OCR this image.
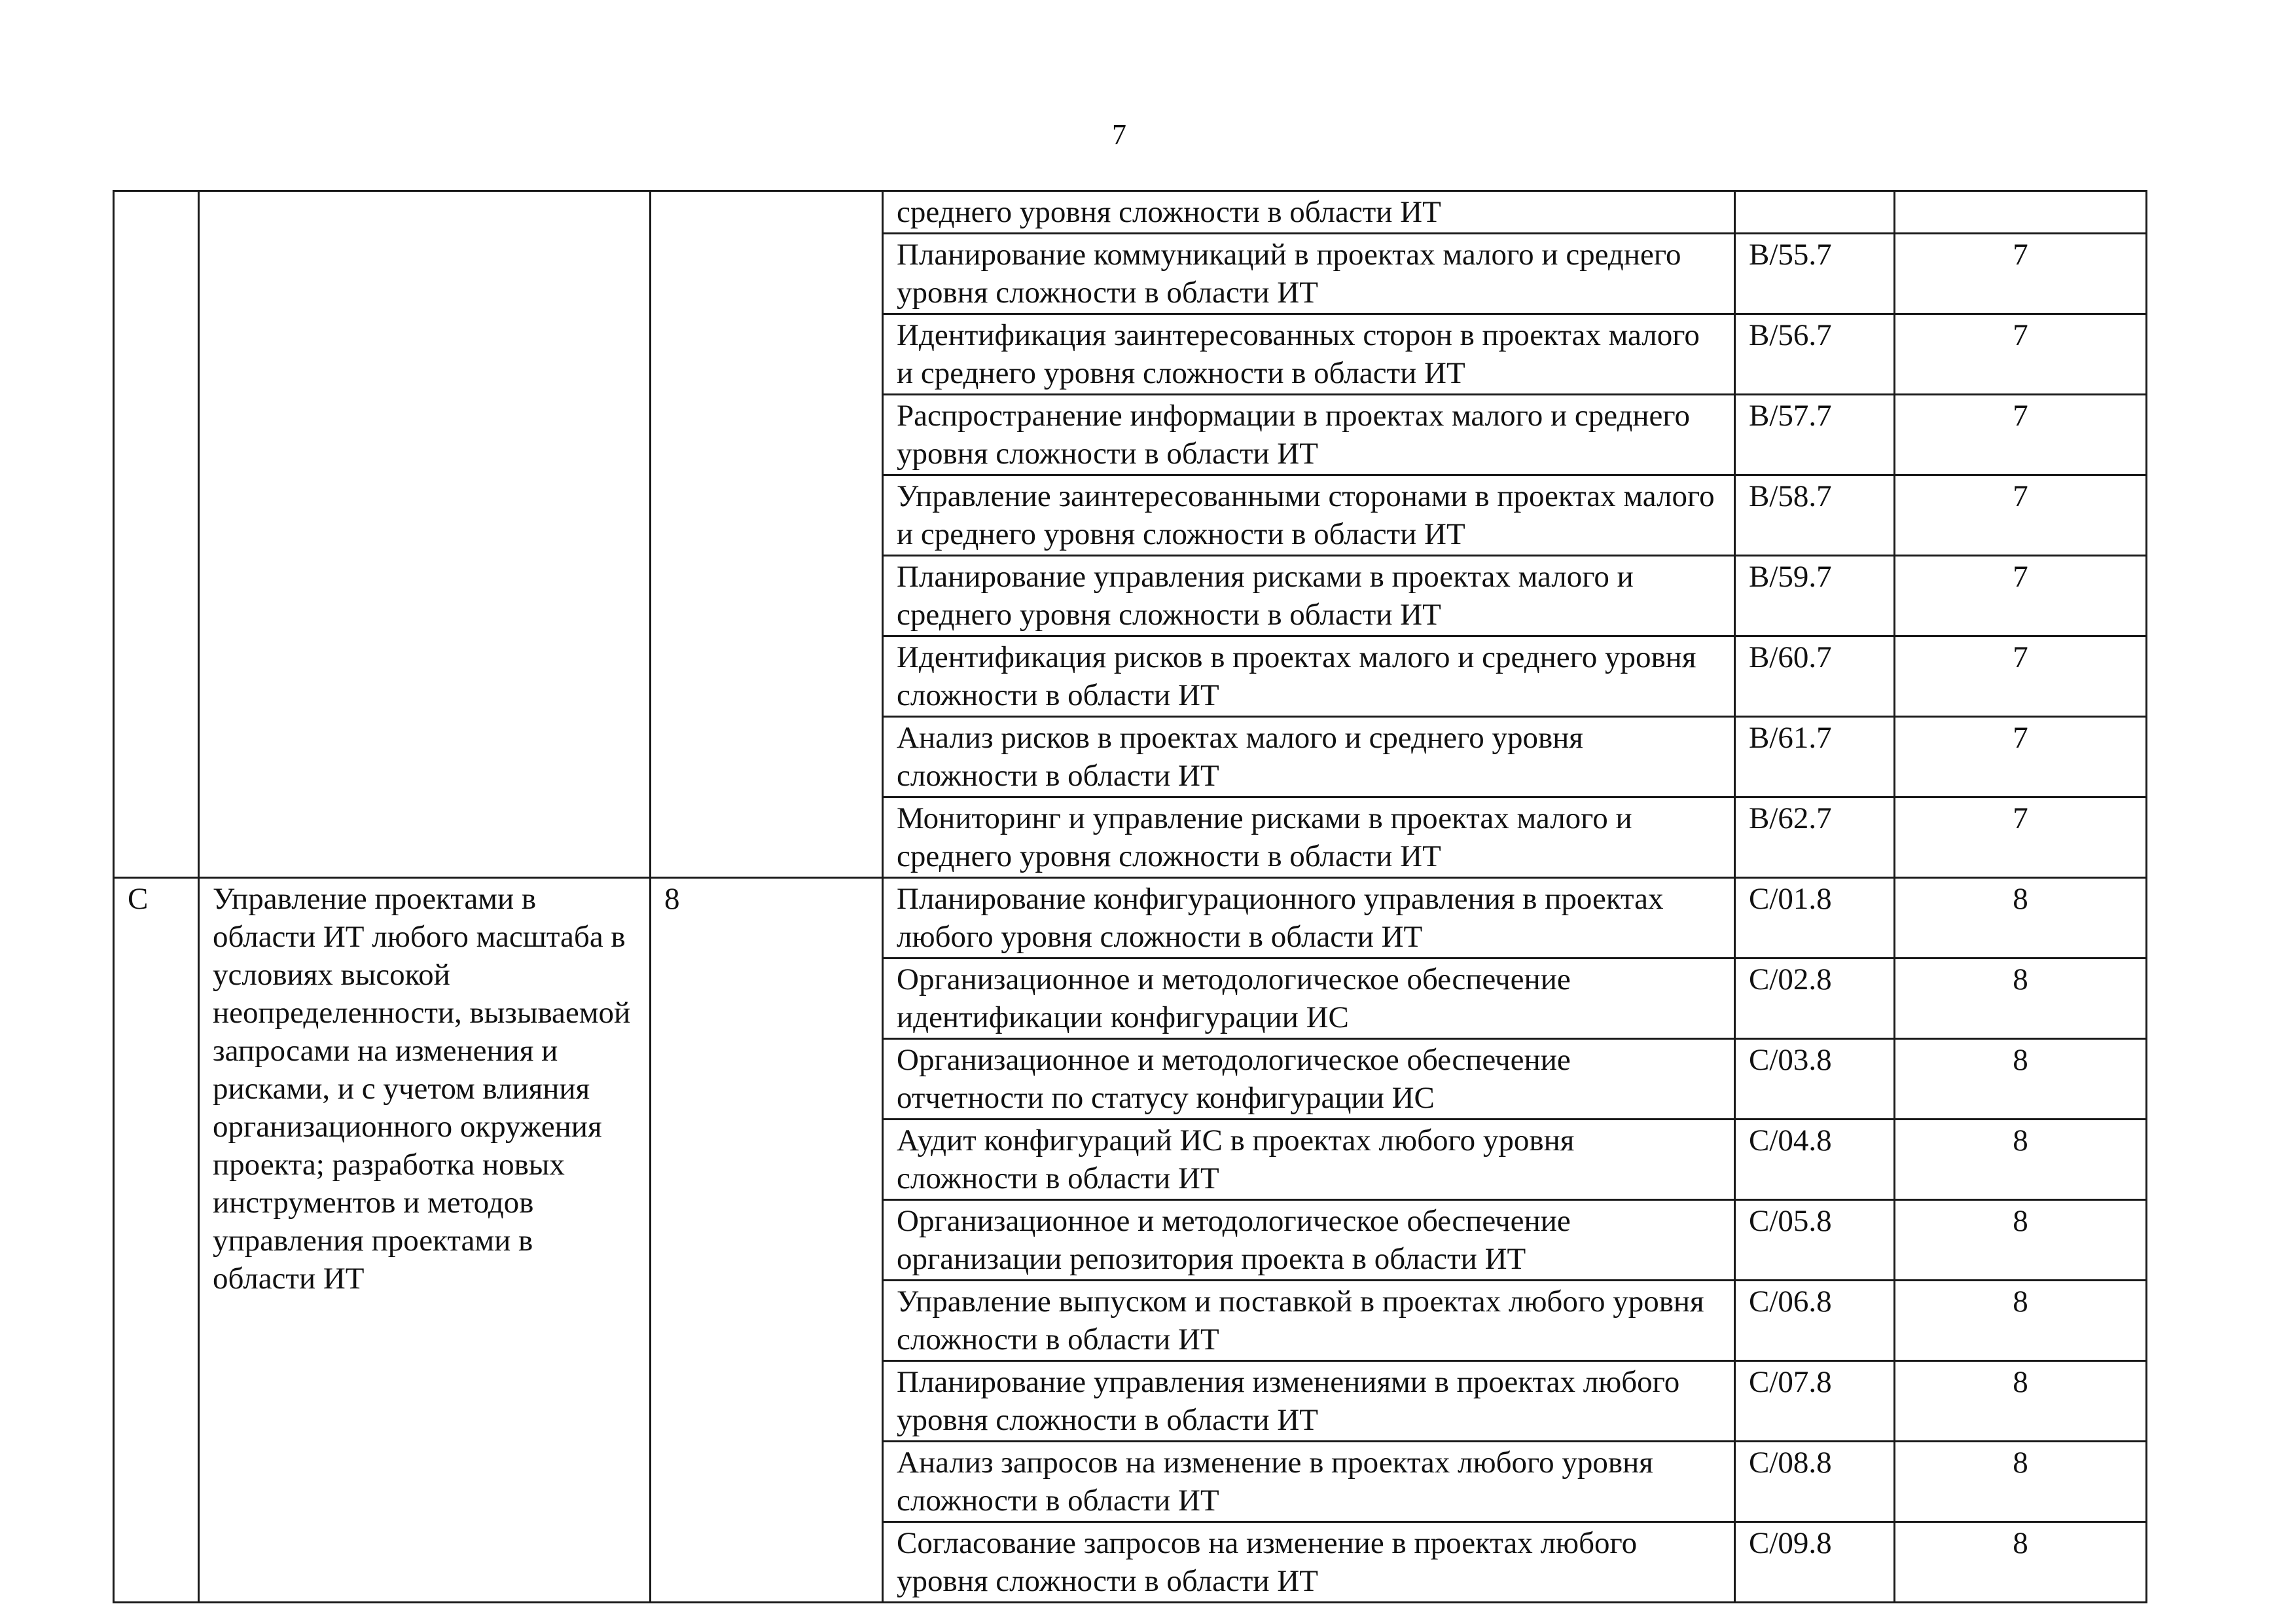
7
			среднего уровня сложности в области ИТ		
			Планирование коммуникаций в проектах малого и среднего уровня сложности в области ИТ	В/55.7	7
			Идентификация заинтересованных сторон в проектах малого и среднего уровня сложности в области ИТ	В/56.7	7
			Распространение информации в проектах малого и среднего уровня сложности в области ИТ	В/57.7	7
			Управление заинтересованными сторонами в проектах малого и среднего уровня сложности в области ИТ	В/58.7	7
			Планирование управления рисками в проектах малого и среднего уровня сложности в области ИТ	В/59.7	7
			Идентификация рисков в проектах малого и среднего уровня сложности в области ИТ	В/60.7	7
			Анализ рисков в проектах малого и среднего уровня сложности в области ИТ	В/61.7	7
			Мониторинг и управление рисками в проектах малого и среднего уровня сложности в области ИТ	В/62.7	7
С	Управление проектами в области ИТ любого масштаба в условиях высокой неопределенности, вызываемой запросами на изменения и рисками, и с учетом влияния организационного окружения проекта; разработка новых инструментов и методов управления проектами в области ИТ	8	Планирование конфигурационного управления в проектах любого уровня сложности в области ИТ	С/01.8	8
			Организационное и методологическое обеспечение идентификации конфигурации ИС	С/02.8	8
			Организационное и методологическое обеспечение отчетности по статусу конфигурации ИС	С/03.8	8
			Аудит конфигураций ИС в проектах любого уровня сложности в области ИТ	С/04.8	8
			Организационное и методологическое обеспечение организации репозитория проекта в области ИТ	С/05.8	8
			Управление выпуском и поставкой в проектах любого уровня сложности в области ИТ	С/06.8	8
			Планирование управления изменениями в проектах любого уровня сложности в области ИТ	С/07.8	8
			Анализ запросов на изменение в проектах любого уровня сложности в области ИТ	С/08.8	8
			Согласование запросов на изменение в проектах любого уровня сложности в области ИТ	С/09.8	8
